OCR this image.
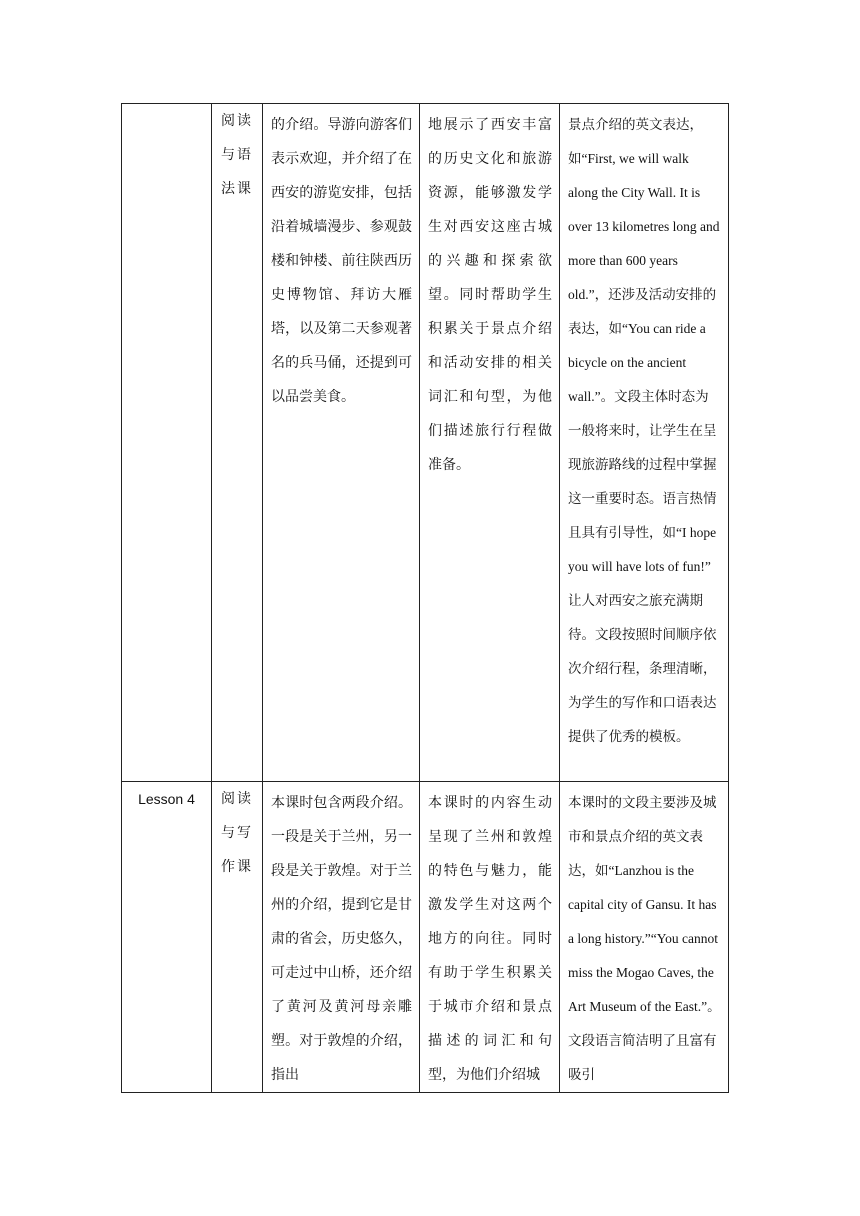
	阅读与语法课	的介绍。导游向游客们表示欢迎，并介绍了在西安的游览安排，包括沿着城墙漫步、参观鼓楼和钟楼、前往陕西历史博物馆、拜访大雁塔，以及第二天参观著名的兵马俑，还提到可以品尝美食。	地展示了西安丰富的历史文化和旅游资源，能够激发学生对西安这座古城的兴趣和探索欲望。同时帮助学生积累关于景点介绍和活动安排的相关词汇和句型，为他们描述旅行行程做准备。	景点介绍的英文表达，如“First, we will walk along the City Wall. It is over 13 kilometres long and more than 600 years old.”，还涉及活动安排的表达，如“You can ride a bicycle on the ancient wall.”。文段主体时态为一般将来时，让学生在呈现旅游路线的过程中掌握这一重要时态。语言热情且具有引导性，如“I hope you will have lots of fun!” 让人对西安之旅充满期待。文段按照时间顺序依次介绍行程，条理清晰，为学生的写作和口语表达提供了优秀的模板。

Lesson 4	阅读与写作课	本课时包含两段介绍。一段是关于兰州，另一段是关于敦煌。对于兰州的介绍，提到它是甘肃的省会，历史悠久，可走过中山桥，还介绍了黄河及黄河母亲雕塑。对于敦煌的介绍，指出	本课时的内容生动呈现了兰州和敦煌的特色与魅力，能激发学生对这两个地方的向往。同时有助于学生积累关于城市介绍和景点描述的词汇和句型，为他们介绍城	本课时的文段主要涉及城市和景点介绍的英文表达，如“Lanzhou is the capital city of Gansu. It has a long history.”“You cannot miss the Mogao Caves, the Art Museum of the East.”。文段语言简洁明了且富有吸引
